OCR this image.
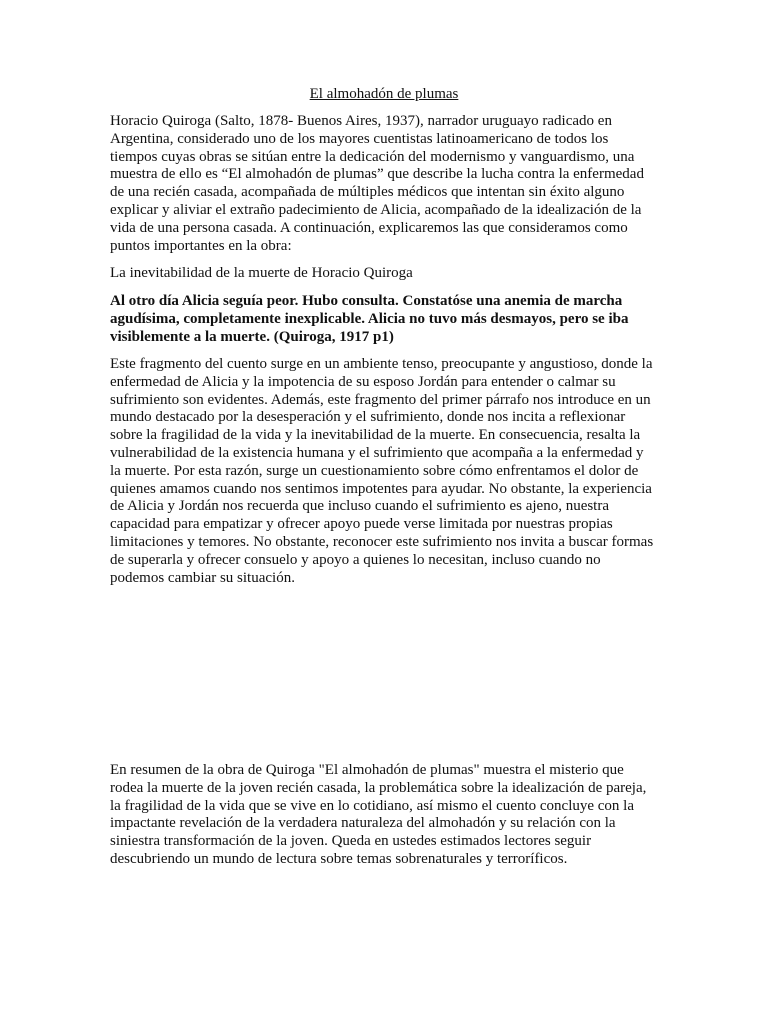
El almohadón de plumas

Horacio Quiroga (Salto, 1878- Buenos Aires, 1937), narrador uruguayo radicado en Argentina, considerado uno de los mayores cuentistas latinoamericano de todos los tiempos cuyas obras se sitúan entre la dedicación del modernismo y vanguardismo, una muestra de ello es “El almohadón de plumas” que describe la lucha contra la enfermedad de una recién casada, acompañada de múltiples médicos que intentan sin éxito alguno explicar y aliviar el extraño padecimiento de Alicia, acompañado de la idealización de la vida de una persona casada. A continuación, explicaremos las que consideramos como puntos importantes en la obra:

La inevitabilidad de la muerte de Horacio Quiroga

Al otro día Alicia seguía peor. Hubo consulta. Constatóse una anemia de marcha agudísima, completamente inexplicable. Alicia no tuvo más desmayos, pero se iba visiblemente a la muerte. (Quiroga, 1917 p1)

Este fragmento del cuento surge en un ambiente tenso, preocupante y angustioso, donde la enfermedad de Alicia y la impotencia de su esposo Jordán para entender o calmar su sufrimiento son evidentes. Además, este fragmento del primer párrafo nos introduce en un mundo destacado por la desesperación y el sufrimiento, donde nos incita a reflexionar sobre la fragilidad de la vida y la inevitabilidad de la muerte. En consecuencia, resalta la vulnerabilidad de la existencia humana y el sufrimiento que acompaña a la enfermedad y la muerte. Por esta razón, surge un cuestionamiento sobre cómo enfrentamos el dolor de quienes amamos cuando nos sentimos impotentes para ayudar. No obstante, la experiencia de Alicia y Jordán nos recuerda que incluso cuando el sufrimiento es ajeno, nuestra capacidad para empatizar y ofrecer apoyo puede verse limitada por nuestras propias limitaciones y temores. No obstante, reconocer este sufrimiento nos invita a buscar formas de superarla y ofrecer consuelo y apoyo a quienes lo necesitan, incluso cuando no podemos cambiar su situación.

En resumen de la obra de Quiroga "El almohadón de plumas" muestra el misterio que rodea la muerte de la joven recién casada, la problemática sobre la idealización de pareja, la fragilidad de la vida que se vive en lo cotidiano, así mismo el cuento concluye con la impactante revelación de la verdadera naturaleza del almohadón y su relación con la siniestra transformación de la joven. Queda en ustedes estimados lectores seguir descubriendo un mundo de lectura sobre temas sobrenaturales y terroríficos.
